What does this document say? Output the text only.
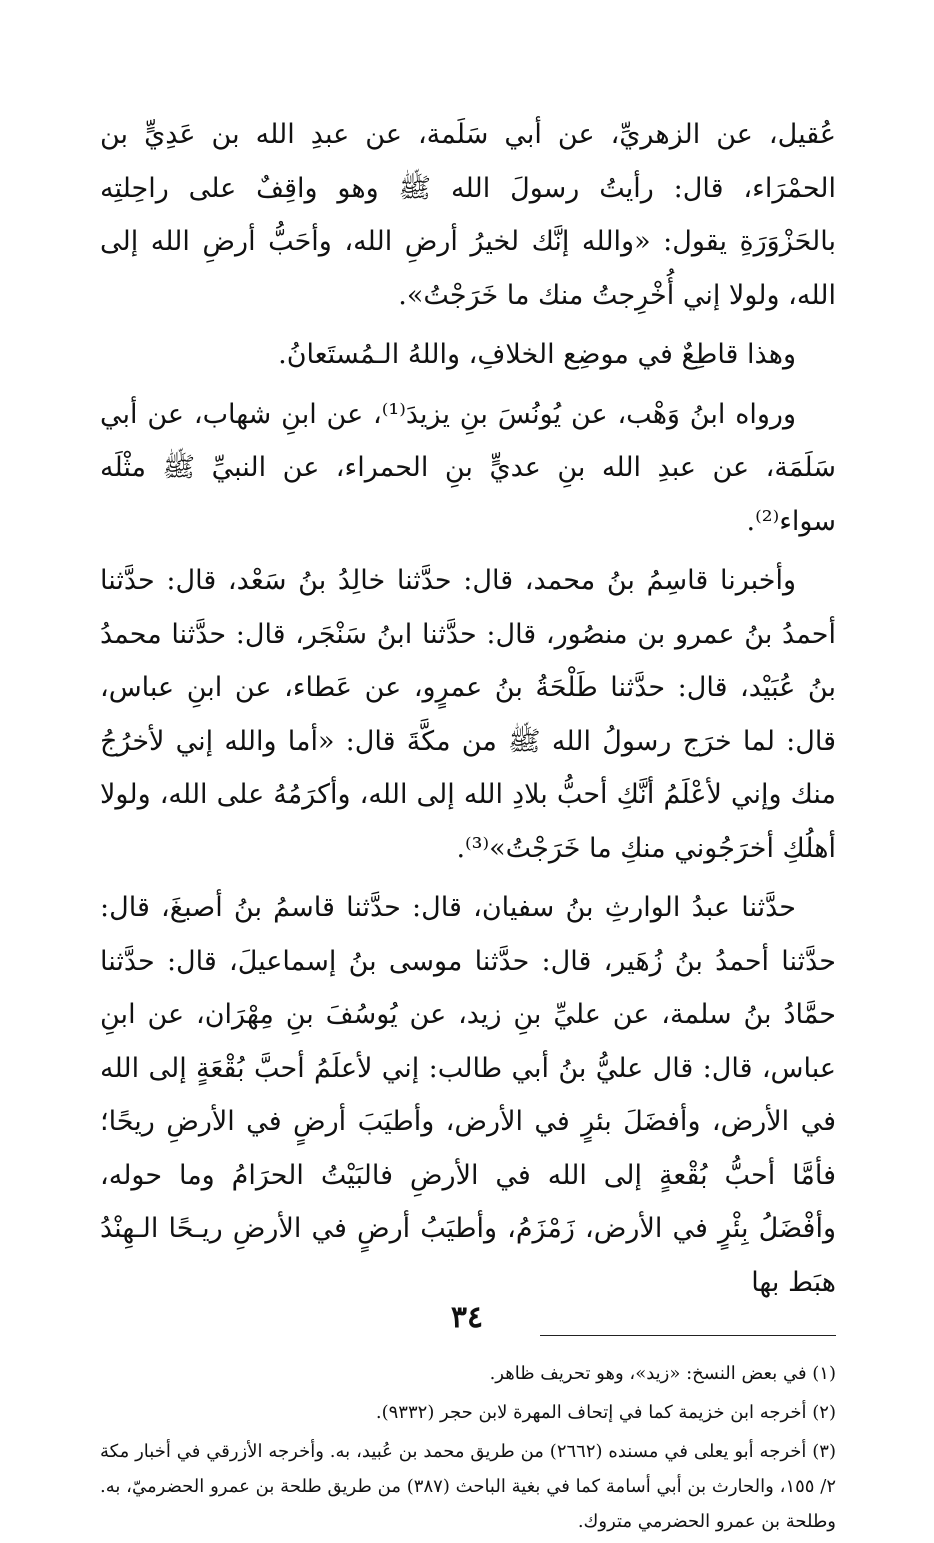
عُقيل، عن الزهريِّ، عن أبي سَلَمة، عن عبدِ الله بن عَدِيٍّ بن الحمْرَاء، قال: رأيتُ رسولَ الله ﷺ وهو واقِفٌ على راحِلتِه بالحَزْوَرَةِ يقول: «والله إنَّك لخيرُ أرضِ الله، وأحَبُّ أرضِ الله إلى الله، ولولا إني أُخْرِجتُ منك ما خَرَجْتُ».

وهذا قاطِعٌ في موضِع الخلافِ، واللهُ الـمُستَعانُ.

ورواه ابنُ وَهْب، عن يُونُسَ بنِ يزيدَ⁽¹⁾، عن ابنِ شهاب، عن أبي سَلَمَة، عن عبدِ الله بنِ عديٍّ بنِ الحمراء، عن النبيِّ ﷺ مثْلَه سواء⁽²⁾.

وأخبرنا قاسِمُ بنُ محمد، قال: حدَّثنا خالِدُ بنُ سَعْد، قال: حدَّثنا أحمدُ بنُ عمرو بن منصُور، قال: حدَّثنا ابنُ سَنْجَر، قال: حدَّثنا محمدُ بنُ عُبَيْد، قال: حدَّثنا طَلْحَةُ بنُ عمرٍو، عن عَطاء، عن ابنِ عباس، قال: لما خرَج رسولُ الله ﷺ من مكَّةَ قال: «أما والله إني لأخرُجُ منك وإني لأعْلَمُ أنَّكِ أحبُّ بلادِ الله إلى الله، وأكرَمُهُ على الله، ولولا أهلُكِ أخرَجُوني منكِ ما خَرَجْتُ»⁽³⁾.

حدَّثنا عبدُ الوارثِ بنُ سفيان، قال: حدَّثنا قاسمُ بنُ أصبغَ، قال: حدَّثنا أحمدُ بنُ زُهَير، قال: حدَّثنا موسى بنُ إسماعيلَ، قال: حدَّثنا حمَّادُ بنُ سلمة، عن عليِّ بنِ زيد، عن يُوسُفَ بنِ مِهْرَان، عن ابنِ عباس، قال: قال عليُّ بنُ أبي طالب: إني لأعلَمُ أحبَّ بُقْعَةٍ إلى الله في الأرض، وأفضَلَ بئرٍ في الأرض، وأطيَبَ أرضٍ في الأرضِ ريحًا؛ فأمَّا أحبُّ بُقْعةٍ إلى الله في الأرضِ فالبَيْتُ الحرَامُ وما حوله، وأفْضَلُ بِئْرٍ في الأرض، زَمْزَمُ، وأطيَبُ أرضٍ في الأرضِ ريـحًا الـهِنْدُ هبَط بها

(١) في بعض النسخ: «زيد»، وهو تحريف ظاهر.

(٢) أخرجه ابن خزيمة كما في إتحاف المهرة لابن حجر (٩٣٣٢).

(٣) أخرجه أبو يعلى في مسنده (٢٦٦٢) من طريق محمد بن عُبيد، به. وأخرجه الأزرقي في أخبار مكة ٢/ ١٥٥، والحارث بن أبي أسامة كما في بغية الباحث (٣٨٧) من طريق طلحة بن عمرو الحضرميّ، به. وطلحة بن عمرو الحضرمي متروك.

٣٤
